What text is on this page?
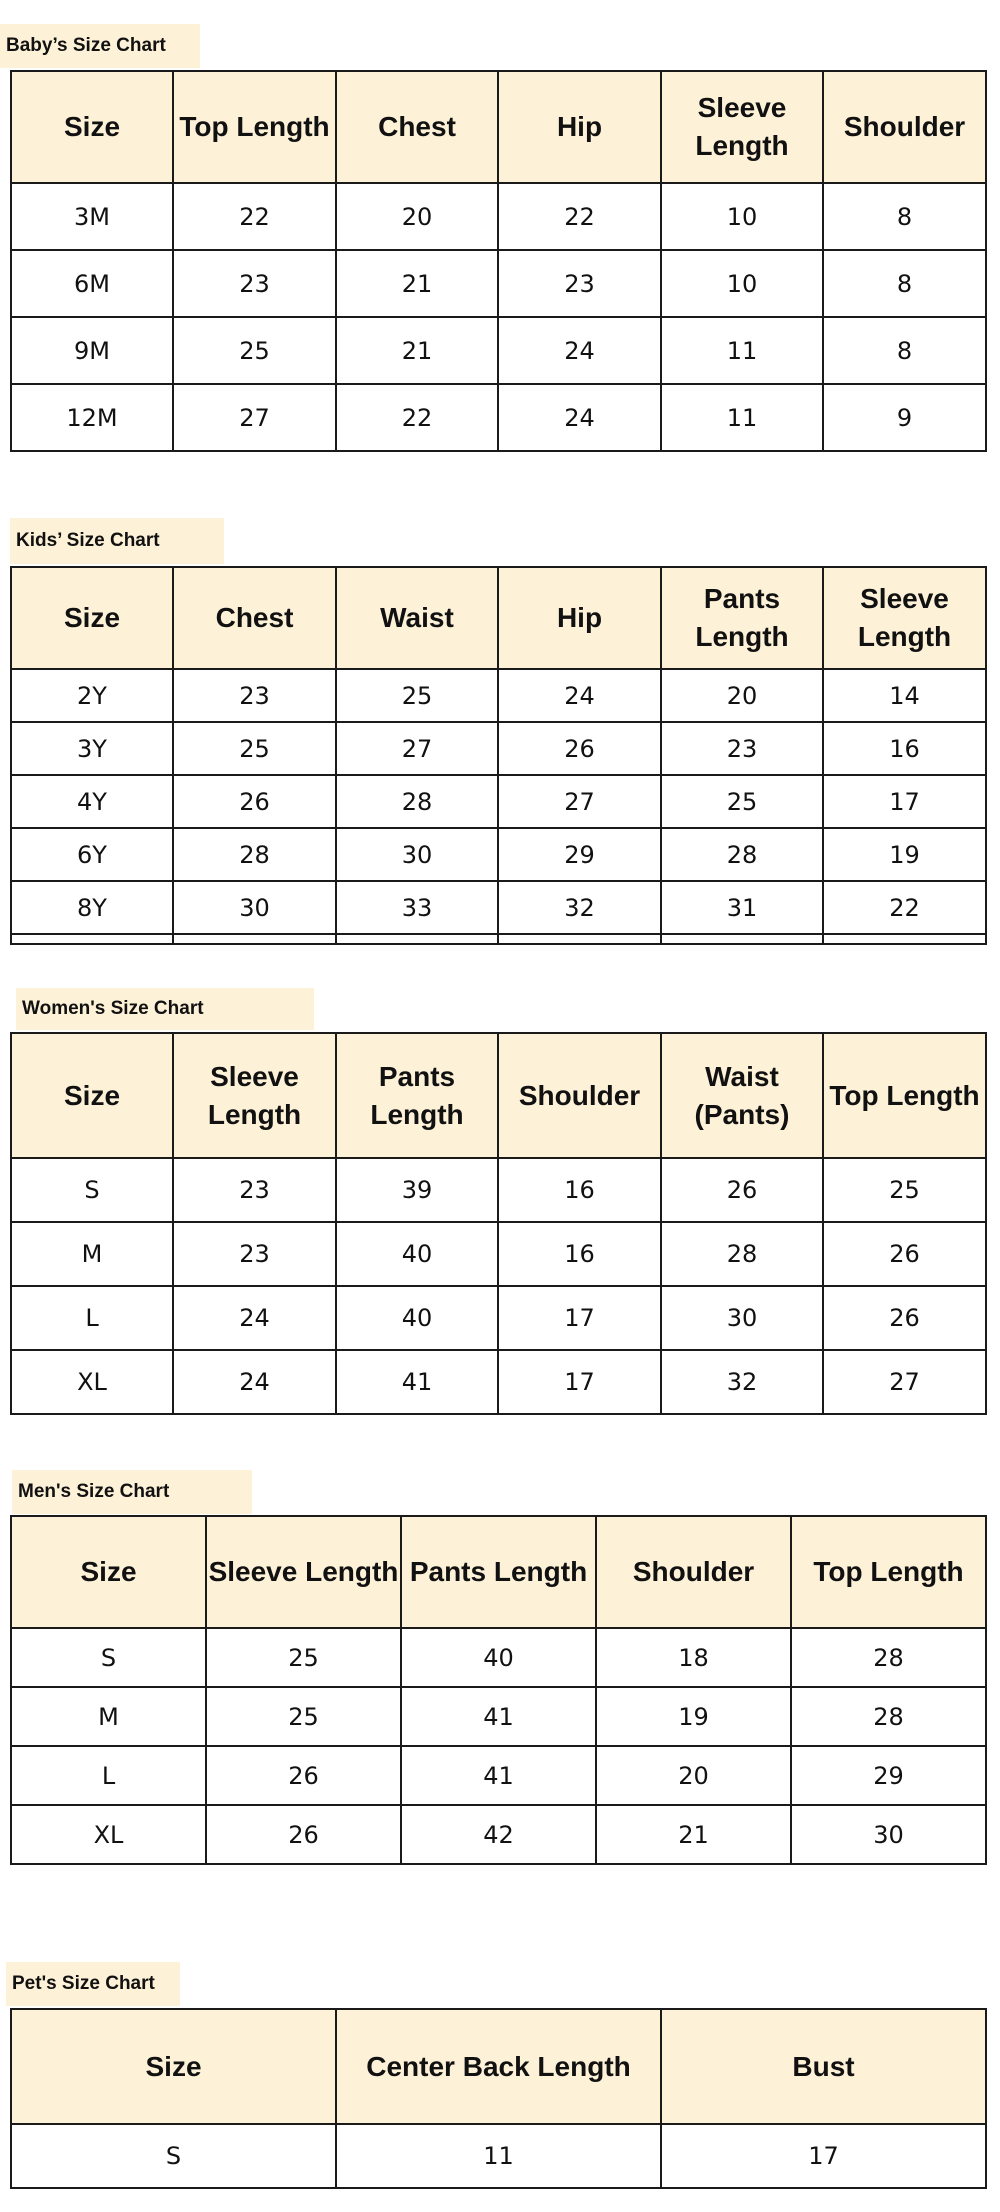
Baby’s Size Chart
Size	Top Length	Chest	Hip	Sleeve Length	Shoulder
3M	22	20	22	10	8
6M	23	21	23	10	8
9M	25	21	24	11	8
12M	27	22	24	11	9
Kids’ Size Chart
Size	Chest	Waist	Hip	Pants Length	Sleeve Length
2Y	23	25	24	20	14
3Y	25	27	26	23	16
4Y	26	28	27	25	17
6Y	28	30	29	28	19
8Y	30	33	32	31	22

Women's Size Chart
Size	Sleeve Length	Pants Length	Shoulder	Waist (Pants)	Top Length
S	23	39	16	26	25
M	23	40	16	28	26
L	24	40	17	30	26
XL	24	41	17	32	27
Men's Size Chart
Size	Sleeve Length	Pants Length	Shoulder	Top Length
S	25	40	18	28
M	25	41	19	28
L	26	41	20	29
XL	26	42	21	30
Pet's Size Chart
Size	Center Back Length	Bust
S	11	17
